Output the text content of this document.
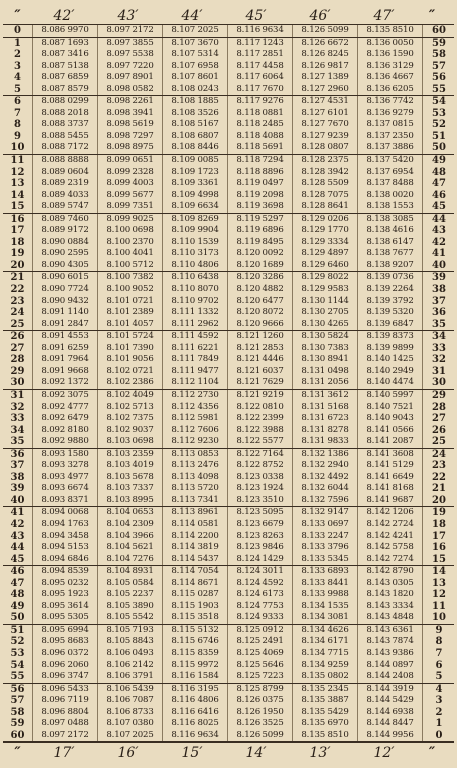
″	42′	43′	44′	45′	46′	47′	″
0	8.086 9970	8.097 2172	8.107 2025	8.116 9634	8.126 5099	8.135 8510	60
1	8.087 1693	8.097 3855	8.107 3670	8.117 1243	8.126 6672	8.136 0050	59
2	8.087 3416	8.097 5538	8.107 5314	8.117 2851	8.126 8245	8.136 1590	58
3	8.087 5138	8.097 7220	8.107 6958	8.117 4458	8.126 9817	8.136 3129	57
4	8.087 6859	8.097 8901	8.107 8601	8.117 6064	8.127 1389	8.136 4667	56
5	8.087 8579	8.098 0582	8.108 0243	8.117 7670	8.127 2960	8.136 6205	55
6	8.088 0299	8.098 2261	8.108 1885	8.117 9276	8.127 4531	8.136 7742	54
7	8.088 2018	8.098 3941	8.108 3526	8.118 0881	8.127 6101	8.136 9279	53
8	8.088 3737	8.098 5619	8.108 5167	8.118 2485	8.127 7670	8.137 0815	52
9	8.088 5455	8.098 7297	8.108 6807	8.118 4088	8.127 9239	8.137 2350	51
10	8.088 7172	8.098 8975	8.108 8446	8.118 5691	8.128 0807	8.137 3886	50
11	8.088 8888	8.099 0651	8.109 0085	8.118 7294	8.128 2375	8.137 5420	49
12	8.089 0604	8.099 2328	8.109 1723	8.118 8896	8.128 3942	8.137 6954	48
13	8.089 2319	8.099 4003	8.109 3361	8.119 0497	8.128 5509	8.137 8488	47
14	8.089 4033	8.099 5677	8.109 4998	8.119 2098	8.128 7075	8.138 0020	46
15	8.089 5747	8.099 7351	8.109 6634	8.119 3698	8.128 8641	8.138 1553	45
16	8.089 7460	8.099 9025	8.109 8269	8.119 5297	8.129 0206	8.138 3085	44
17	8.089 9172	8.100 0698	8.109 9904	8.119 6896	8.129 1770	8.138 4616	43
18	8.090 0884	8.100 2370	8.110 1539	8.119 8495	8.129 3334	8.138 6147	42
19	8.090 2595	8.100 4041	8.110 3173	8.120 0092	8.129 4897	8.138 7677	41
20	8.090 4305	8.100 5712	8.110 4806	8.120 1689	8.129 6460	8.138 9207	40
21	8.090 6015	8.100 7382	8.110 6438	8.120 3286	8.129 8022	8.139 0736	39
22	8.090 7724	8.100 9052	8.110 8070	8.120 4882	8.129 9583	8.139 2264	38
23	8.090 9432	8.101 0721	8.110 9702	8.120 6477	8.130 1144	8.139 3792	37
24	8.091 1140	8.101 2389	8.111 1332	8.120 8072	8.130 2705	8.139 5320	36
25	8.091 2847	8.101 4057	8.111 2962	8.120 9666	8.130 4265	8.139 6847	35
26	8.091 4553	8.101 5724	8.111 4592	8.121 1260	8.130 5824	8.139 8373	34
27	8.091 6259	8.101 7390	8.111 6221	8.121 2853	8.130 7383	8.139 9899	33
28	8.091 7964	8.101 9056	8.111 7849	8.121 4446	8.130 8941	8.140 1425	32
29	8.091 9668	8.102 0721	8.111 9477	8.121 6037	8.131 0498	8.140 2949	31
30	8.092 1372	8.102 2386	8.112 1104	8.121 7629	8.131 2056	8.140 4474	30
31	8.092 3075	8.102 4049	8.112 2730	8.121 9219	8.131 3612	8.140 5997	29
32	8.092 4777	8.102 5713	8.112 4356	8.122 0810	8.131 5168	8.140 7521	28
33	8.092 6479	8.102 7375	8.112 5981	8.122 2399	8.131 6723	8.140 9043	27
34	8.092 8180	8.102 9037	8.112 7606	8.122 3988	8.131 8278	8.141 0566	26
35	8.092 9880	8.103 0698	8.112 9230	8.122 5577	8.131 9833	8.141 2087	25
36	8.093 1580	8.103 2359	8.113 0853	8.122 7164	8.132 1386	8.141 3608	24
37	8.093 3278	8.103 4019	8.113 2476	8.122 8752	8.132 2940	8.141 5129	23
38	8.093 4977	8.103 5678	8.113 4098	8.123 0338	8.132 4492	8.141 6649	22
39	8.093 6674	8.103 7337	8.113 5720	8.123 1924	8.132 6044	8.141 8168	21
40	8.093 8371	8.103 8995	8.113 7341	8.123 3510	8.132 7596	8.141 9687	20
41	8.094 0068	8.104 0653	8.113 8961	8.123 5095	8.132 9147	8.142 1206	19
42	8.094 1763	8.104 2309	8.114 0581	8.123 6679	8.133 0697	8.142 2724	18
43	8.094 3458	8.104 3966	8.114 2200	8.123 8263	8.133 2247	8.142 4241	17
44	8.094 5153	8.104 5621	8.114 3819	8.123 9846	8.133 3796	8.142 5758	16
45	8.094 6846	8.104 7276	8.114 5437	8.124 1429	8.133 5345	8.142 7274	15
46	8.094 8539	8.104 8931	8.114 7054	8.124 3011	8.133 6893	8.142 8790	14
47	8.095 0232	8.105 0584	8.114 8671	8.124 4592	8.133 8441	8.143 0305	13
48	8.095 1923	8.105 2237	8.115 0287	8.124 6173	8.133 9988	8.143 1820	12
49	8.095 3614	8.105 3890	8.115 1903	8.124 7753	8.134 1535	8.143 3334	11
50	8.095 5305	8.105 5542	8.115 3518	8.124 9333	8.134 3081	8.143 4848	10
51	8.095 6994	8.105 7193	8.115 5132	8.125 0912	8.134 4626	8.143 6361	9
52	8.095 8683	8.105 8843	8.115 6746	8.125 2491	8.134 6171	8.143 7874	8
53	8.096 0372	8.106 0493	8.115 8359	8.125 4069	8.134 7715	8.143 9386	7
54	8.096 2060	8.106 2142	8.115 9972	8.125 5646	8.134 9259	8.144 0897	6
55	8.096 3747	8.106 3791	8.116 1584	8.125 7223	8.135 0802	8.144 2408	5
56	8.096 5433	8.106 5439	8.116 3195	8.125 8799	8.135 2345	8.144 3919	4
57	8.096 7119	8.106 7087	8.116 4806	8.126 0375	8.135 3887	8.144 5429	3
58	8.096 8804	8.106 8733	8.116 6416	8.126 1950	8.135 5429	8.144 6938	2
59	8.097 0488	8.107 0380	8.116 8025	8.126 3525	8.135 6970	8.144 8447	1
60	8.097 2172	8.107 2025	8.116 9634	8.126 5099	8.135 8510	8.144 9956	0
″	17′	16′	15′	14′	13′	12′	″
